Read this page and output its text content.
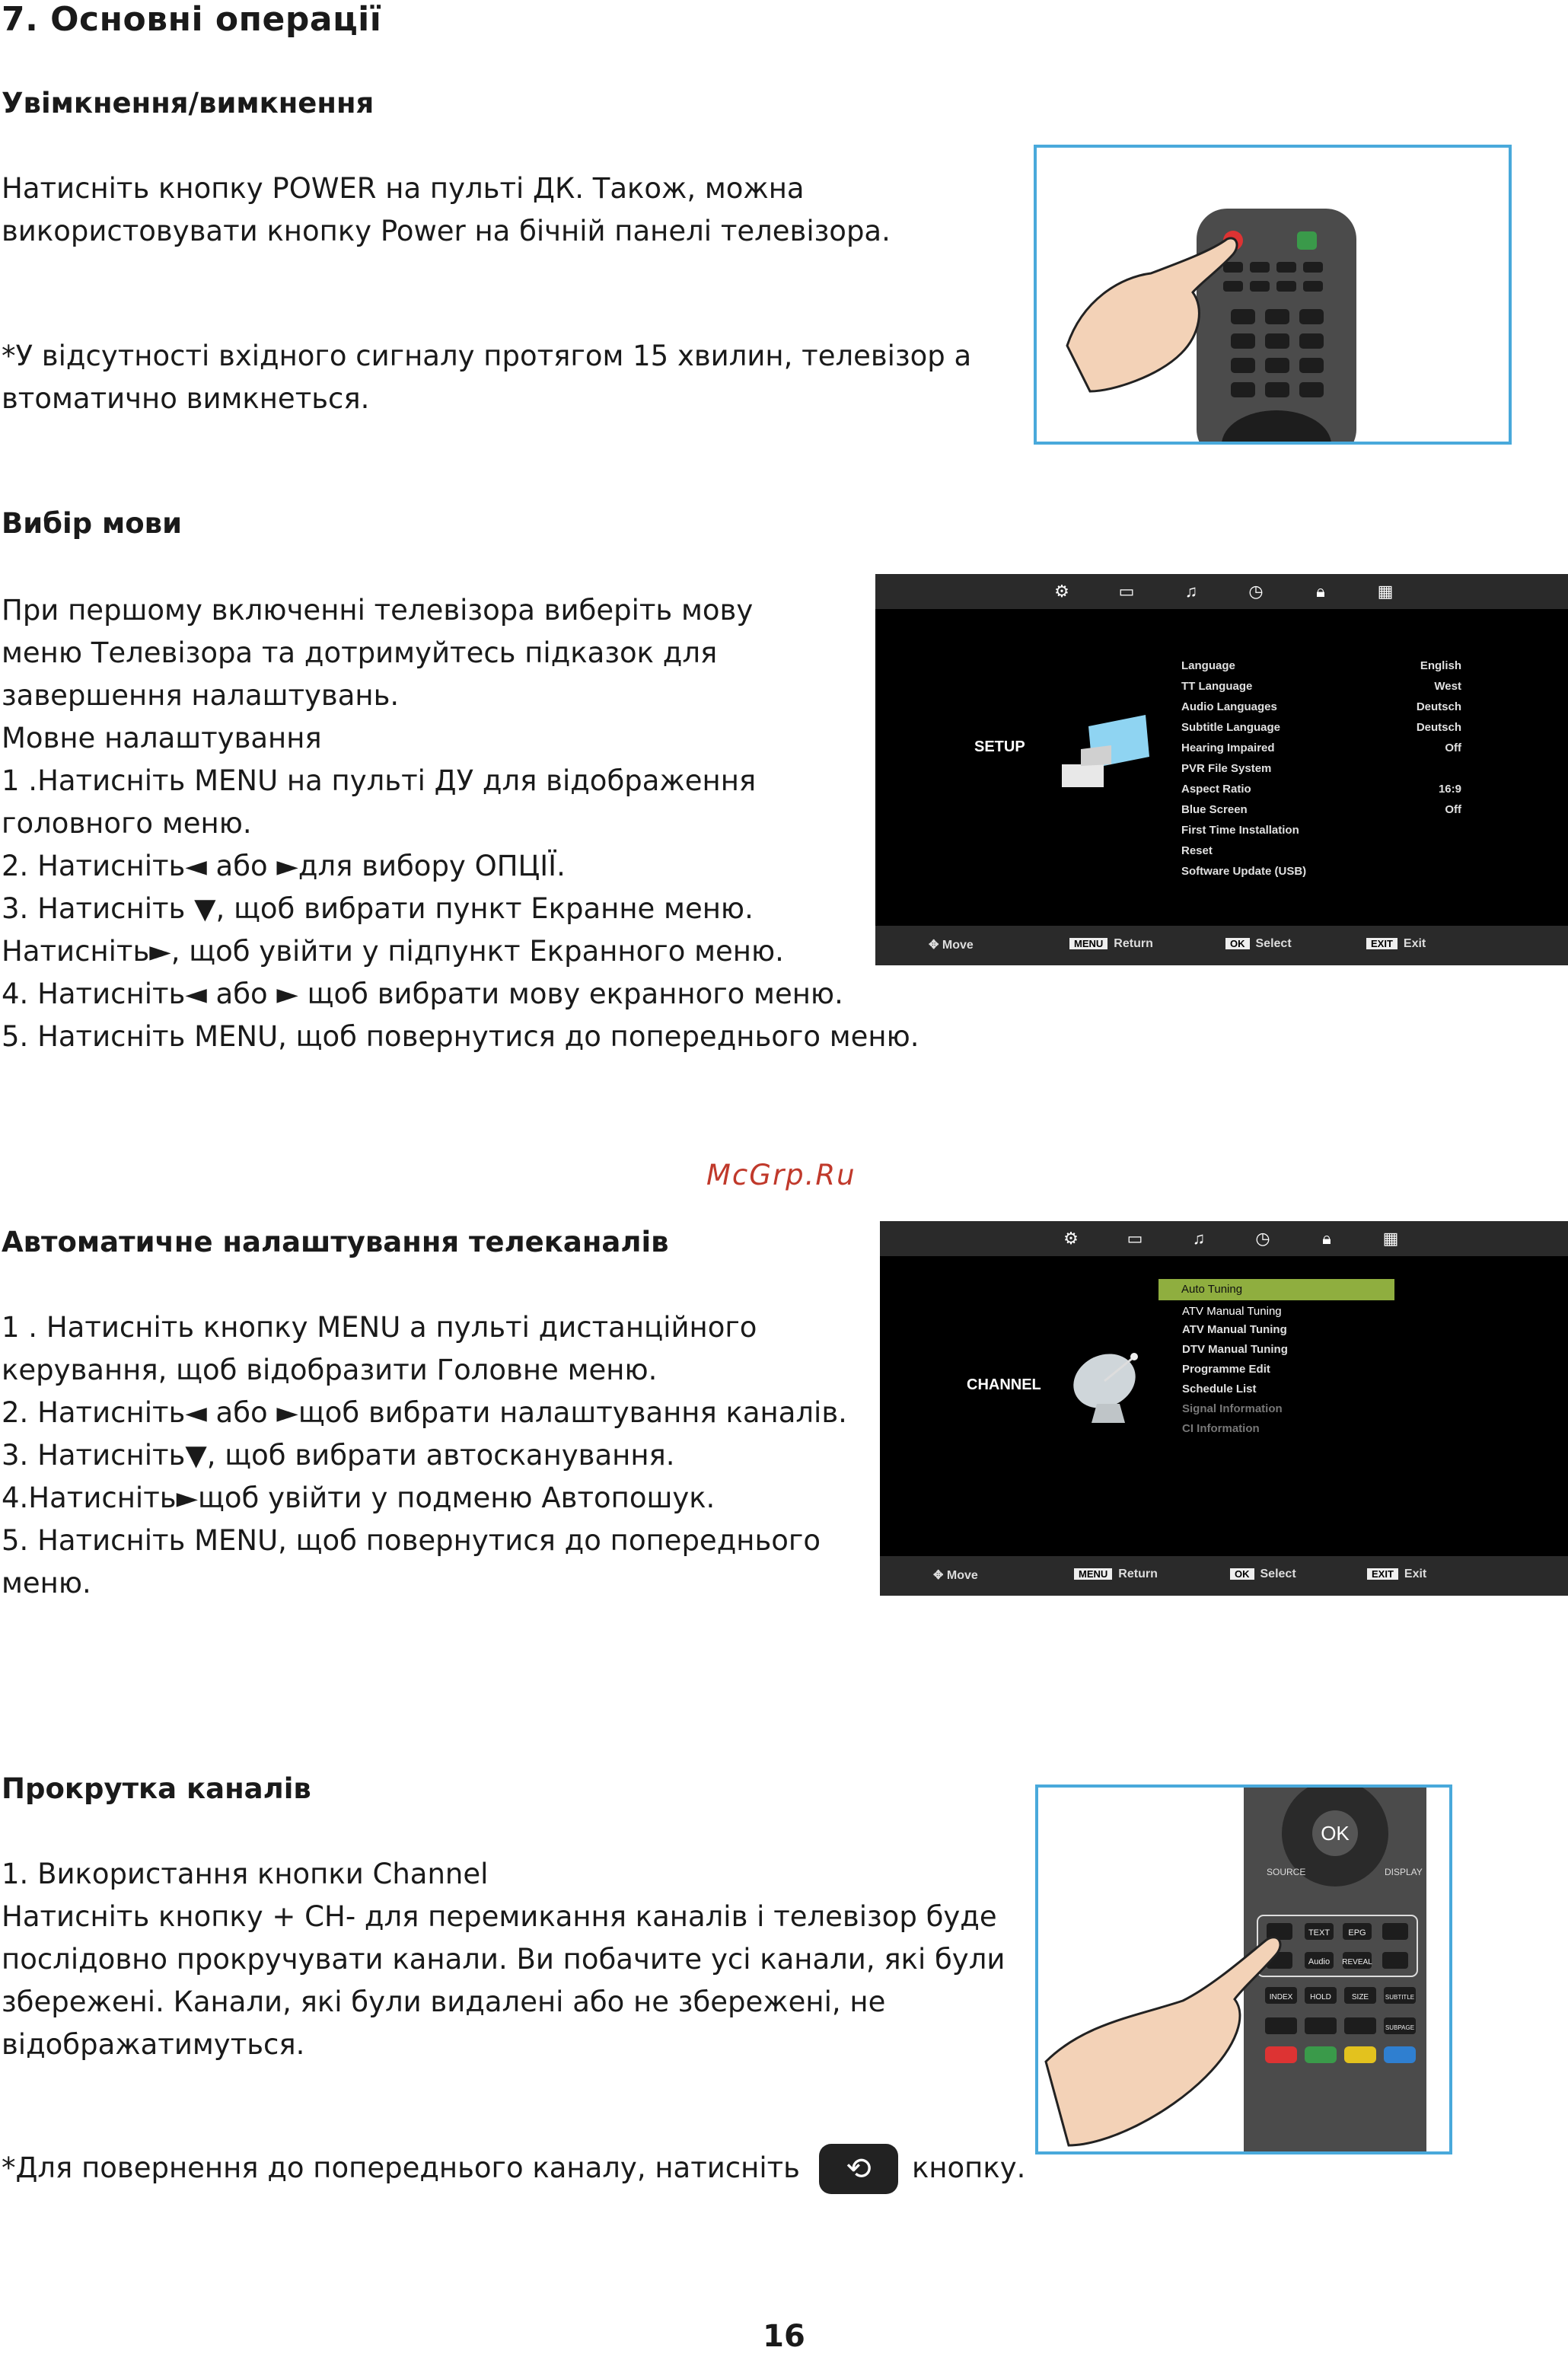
7. Основні операції
Увімкнення/вимкнення
Натисніть кнопку POWER на пульті ДК. Також, можна
використовувати кнопку Power на бічній панелі телевізора.
*У відсутності вхідного сигналу протягом 15 хвилин, телевізор а
втоматично вимкнеться.
Вибір мови
При першому включенні телевізора виберіть мову
меню Телевізора та дотримуйтесь підказок для
завершення налаштувань.
Мовне налаштування
1 .Натисніть MENU на пульті ДУ для відображення
головного меню.
2. Натисніть◄ або ►для вибору ОПЦІЇ.
3. Натисніть ▼, щоб вибрати пункт Екранне меню.
Натисніть►, щоб увійти у підпункт Екранного меню.
4. Натисніть◄ або ► щоб вибрати мову екранного меню.
5. Натисніть MENU, щоб повернутися до попереднього меню.
⚙	▭	♫	◷	🔒︎	▦
SETUP
Language	English
TT Language	West
Audio Languages	Deutsch
Subtitle Language	Deutsch
Hearing Impaired	Off
PVR File System
Aspect Ratio	16:9
Blue Screen	Off
First Time Installation
Reset
Software Update (USB)
✥ Move	MENU Return	OK Select	EXIT Exit
McGrp.Ru
Автоматичне налаштування телеканалів
1 . Натисніть кнопку MENU а пульті дистанційного
керування, щоб відобразити Головне меню.
2. Натисніть◄ або ►щоб вибрати налаштування каналів.
3. Натисніть▼, щоб вибрати автосканування.
4.Натисніть►щоб увійти у подменю Автопошук.
5. Натисніть MENU, щоб повернутися до попереднього
меню.
⚙	▭	♫	◷	🔒︎	▦
CHANNEL
Auto Tuning
ATV Manual Tuning
ATV Manual Tuning
DTV Manual Tuning
Programme Edit
Schedule List
Signal Information
CI Information
✥ Move	MENU Return	OK Select	EXIT Exit
Прокрутка каналів
1. Використання кнопки Channel
Натисніть кнопку + CH- для перемикання каналів і телевізор буде
послідовно прокручувати канали. Ви побачите усі канали, які були
збережені. Канали, які були видалені або не збережені, не
відображатимуться.
*Для повернення до попереднього каналу, натисніть	⟲	кнопку.
OK
SOURCE	DISPLAY
TEXT EPG
Audio REVEAL
INDEX HOLD	SIZE	SUBTITLE
SUBPAGE
16
